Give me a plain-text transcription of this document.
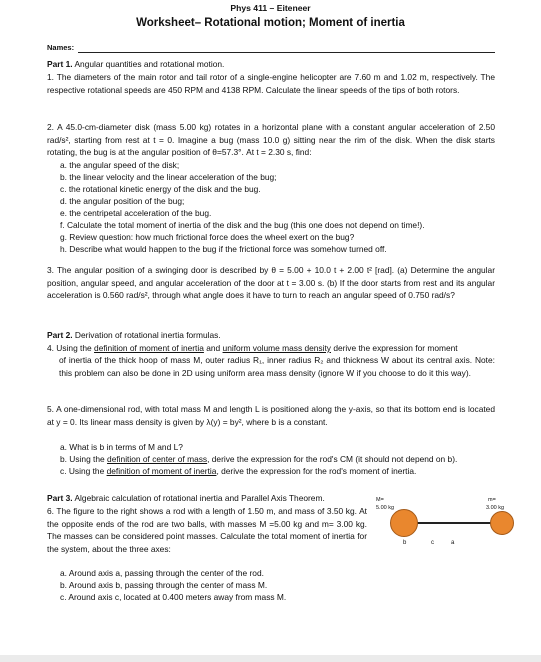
Phys 411 – Eiteneer
Worksheet– Rotational motion; Moment of inertia
Names:
Part 1. Angular quantities and rotational motion.
1. The diameters of the main rotor and tail rotor of a single-engine helicopter are 7.60 m and 1.02 m, respectively. The respective rotational speeds are 450 RPM and 4138 RPM. Calculate the linear speeds of the tips of both rotors.
2. A 45.0-cm-diameter disk (mass 5.00 kg) rotates in a horizontal plane with a constant angular acceleration of 2.50 rad/s², starting from rest at t = 0. Imagine a bug (mass 10.0 g) sitting near the rim of the disk. When the disk starts rotating, the bug is at the angular position of θ=57.3°. At t = 2.30 s, find:
a. the angular speed of the disk;
b. the linear velocity and the linear acceleration of the bug;
c. the rotational kinetic energy of the disk and the bug.
d. the angular position of the bug;
e. the centripetal acceleration of the bug.
f. Calculate the total moment of inertia of the disk and the bug (this one does not depend on time!).
g. Review question: how much frictional force does the wheel exert on the bug?
h. Describe what would happen to the bug if the frictional force was somehow turned off.
3. The angular position of a swinging door is described by θ = 5.00 + 10.0 t + 2.00 t² [rad]. (a) Determine the angular position, angular speed, and angular acceleration of the door at t = 3.00 s. (b) If the door starts from rest and its angular acceleration is 0.560 rad/s², through what angle does it have to turn to reach an angular speed of 0.750 rad/s?
Part 2. Derivation of rotational inertia formulas.
4. Using the definition of moment of inertia and uniform volume mass density derive the expression for moment
of inertia of the thick hoop of mass M, outer radius R₁, inner radius R₂ and thickness W about its central axis. Note: this problem can also be done in 2D using uniform area mass density (ignore W if you choose to do it this way).
5. A one-dimensional rod, with total mass M and length L is positioned along the y-axis, so that its bottom end is located at y = 0. Its linear mass density is given by λ(y) = by², where b is a constant.
a. What is b in terms of M and L?
b. Using the definition of center of mass, derive the expression for the rod's CM (it should not depend on b).
c. Using the definition of moment of inertia, derive the expression for the rod's moment of inertia.
Part 3. Algebraic calculation of rotational inertia and Parallel Axis Theorem.
6. The figure to the right shows a rod with a length of 1.50 m, and mass of 3.50 kg. At the opposite ends of the rod are two balls, with masses M =5.00 kg and m= 3.00 kg. The masses can be considered point masses. Calculate the total moment of inertia for the system, about the three axes:
a. Around axis a, passing through the center of the rod.
b. Around axis b, passing through the center of mass M.
c. Around axis c, located at 0.400 meters away from mass M.
M=
5.00 kg
m=
3.00 kg
b	c	a
